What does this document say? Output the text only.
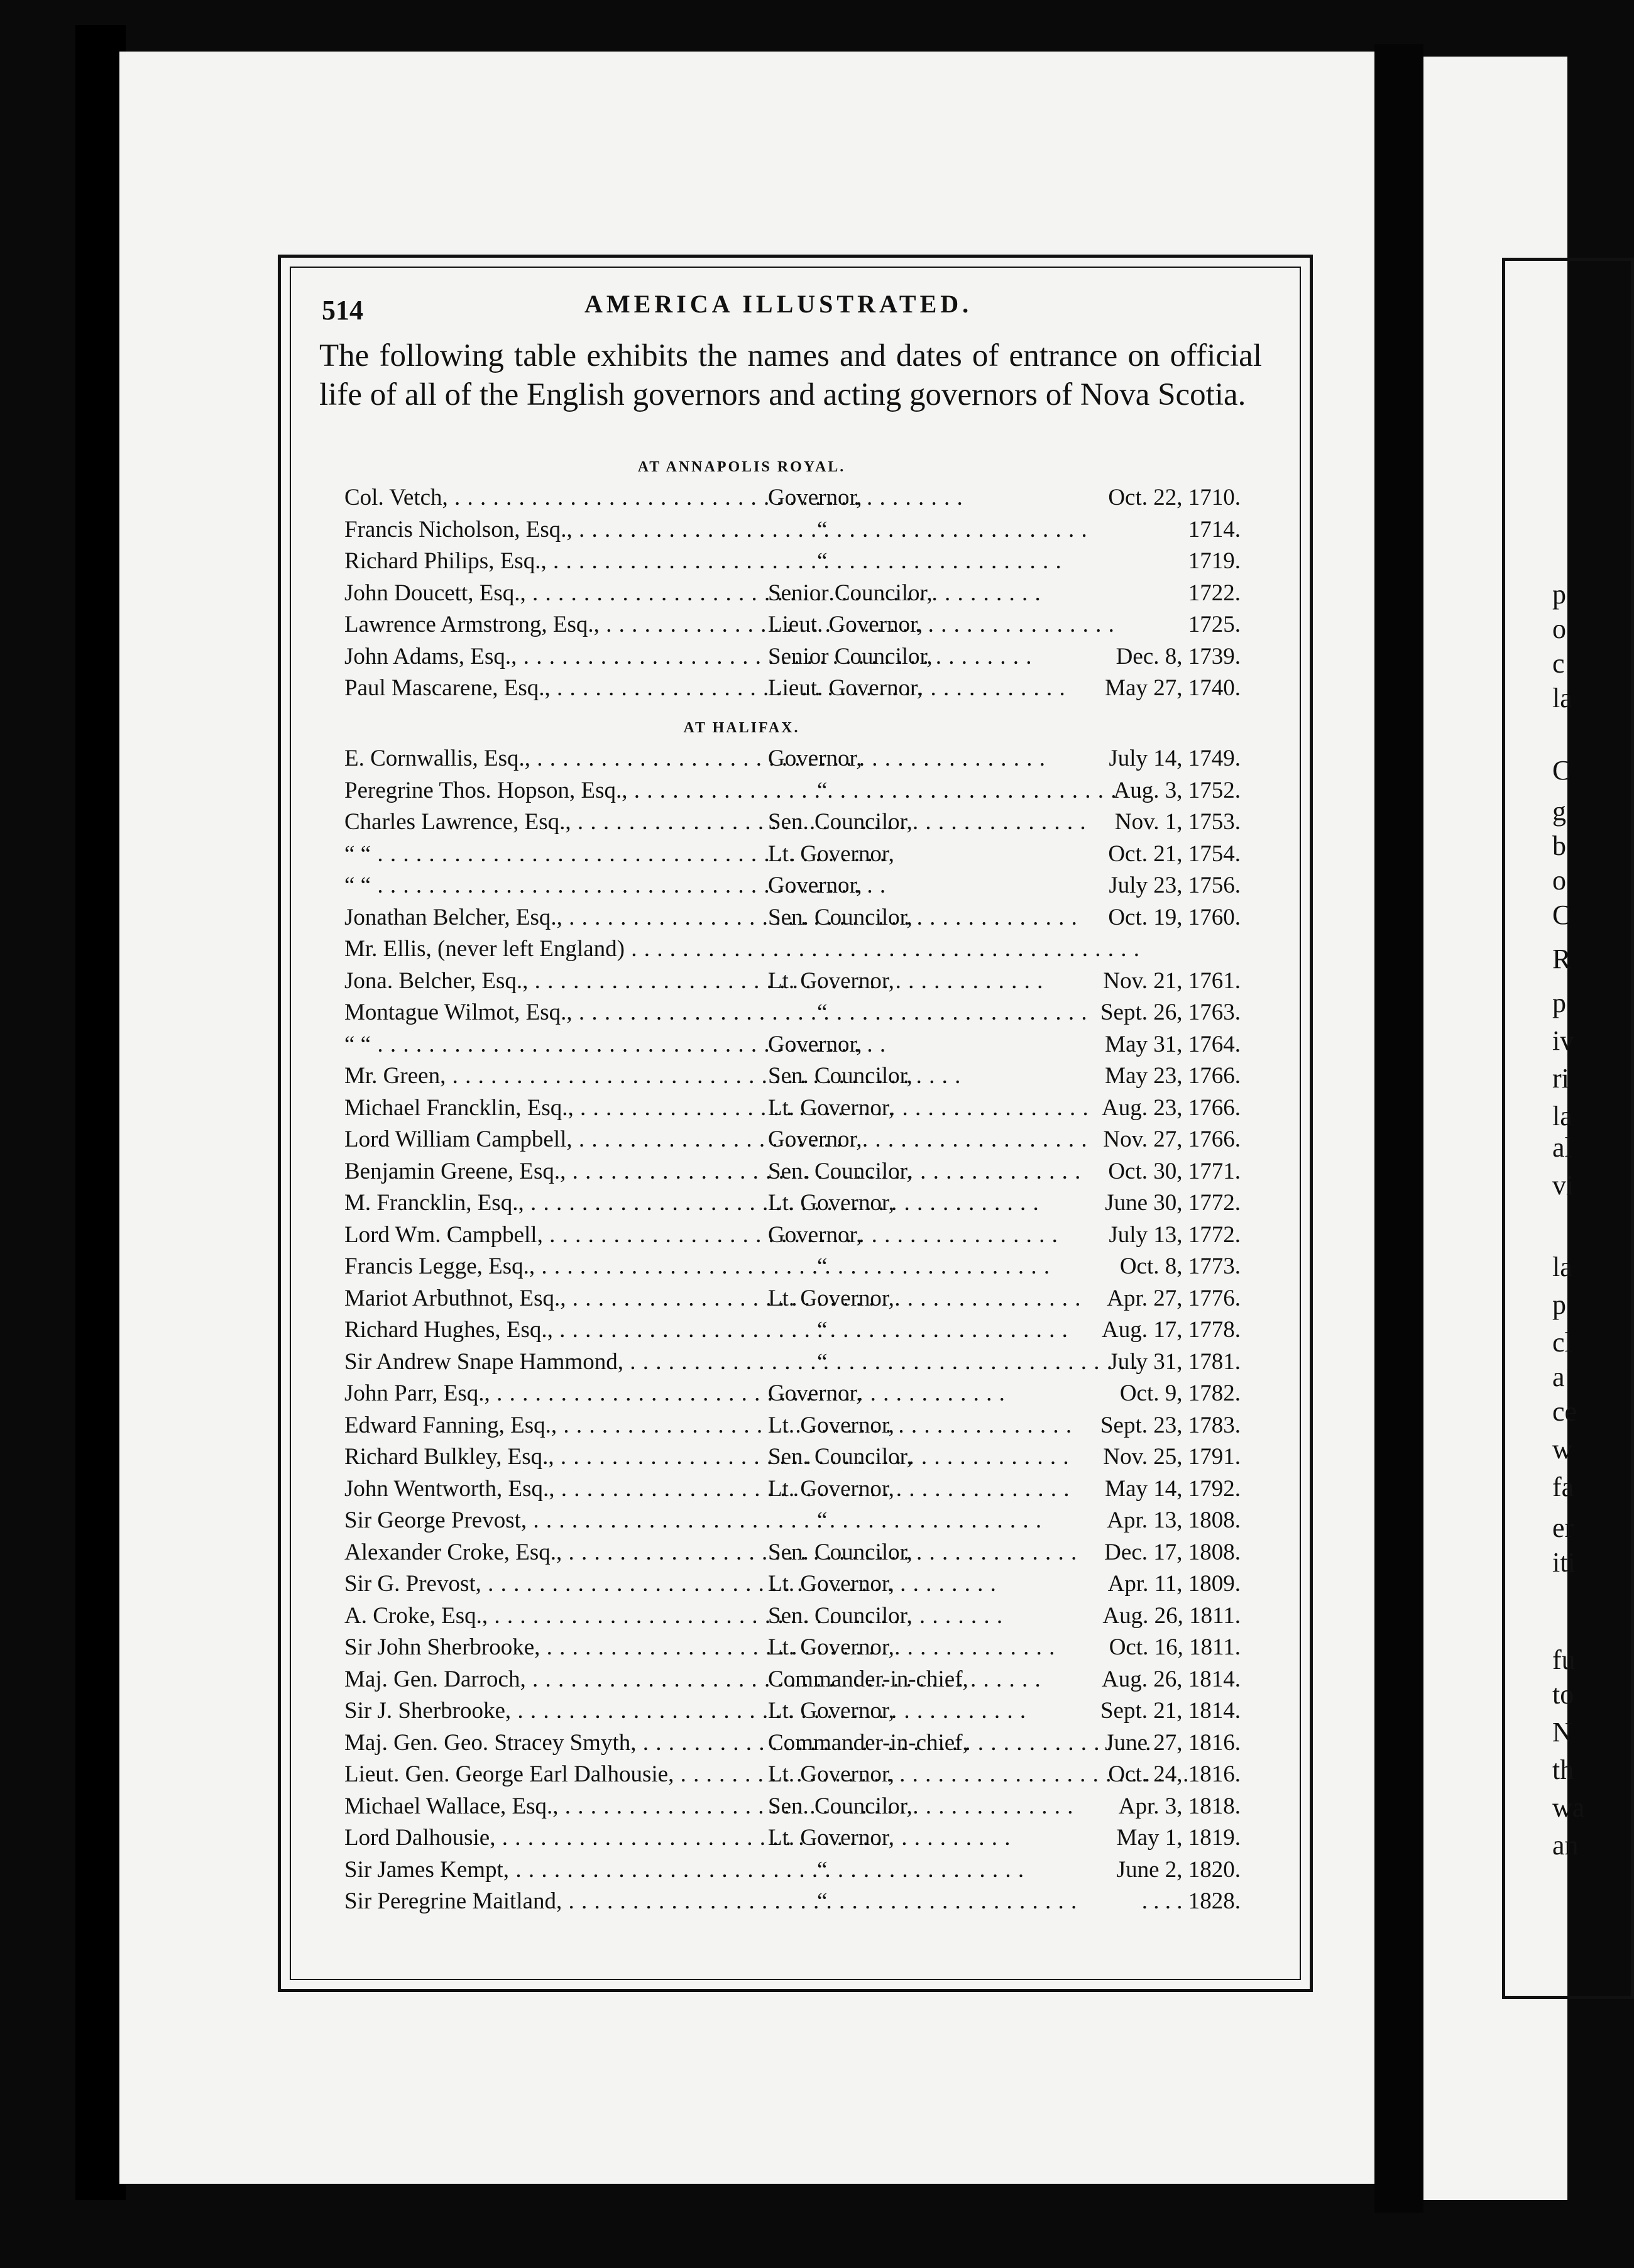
p
o
c
la
C
g
b
o
C
R
p
iv
ri
la
al
vi
la
p
cl
a
ce
w
fa
er
iti
fu
to
N
th
wa
an
514	AMERICA ILLUSTRATED.
The following table exhibits the names and dates of entrance on official life of all of the English governors and acting governors of Nova Scotia.
AT ANNAPOLIS ROYAL.
Col. Vetch, . . .	Governor,	Oct. 22, 1710.
Francis Nicholson, Esq., . . .	“	1714.
Richard Philips, Esq., . . .	“	1719.
John Doucett, Esq., . . .	Senior Councilor,	1722.
Lawrence Armstrong, Esq., . . .	Lieut. Governor,	1725.
John Adams, Esq., . . .	Senior Councilor,	Dec. 8, 1739.
Paul Mascarene, Esq., . . .	Lieut. Governor,	May 27, 1740.
AT HALIFAX.
E. Cornwallis, Esq., . . .	Governor,	July 14, 1749.
Peregrine Thos. Hopson, Esq., . . .	“	Aug. 3, 1752.
Charles Lawrence, Esq., . . .	Sen. Councilor,	Nov. 1, 1753.
“ “ . . .	Lt. Governor,	Oct. 21, 1754.
“ “ . . .	Governor,	July 23, 1756.
Jonathan Belcher, Esq., . . .	Sen. Councilor,	Oct. 19, 1760.
Mr. Ellis, (never left England) . . .
Jona. Belcher, Esq., . . .	Lt. Governor,	Nov. 21, 1761.
Montague Wilmot, Esq., . . .	“	Sept. 26, 1763.
“ “ . . .	Governor,	May 31, 1764.
Mr. Green, . . .	Sen. Councilor,	May 23, 1766.
Michael Francklin, Esq., . . .	Lt. Governor,	Aug. 23, 1766.
Lord William Campbell, . . .	Governor,	Nov. 27, 1766.
Benjamin Greene, Esq., . . .	Sen. Councilor,	Oct. 30, 1771.
M. Francklin, Esq., . . .	Lt. Governor,	June 30, 1772.
Lord Wm. Campbell, . . .	Governor,	July 13, 1772.
Francis Legge, Esq., . . .	“	Oct. 8, 1773.
Mariot Arbuthnot, Esq., . . .	Lt. Governor,	Apr. 27, 1776.
Richard Hughes, Esq., . . .	“	Aug. 17, 1778.
Sir Andrew Snape Hammond, . . .	“	July 31, 1781.
John Parr, Esq., . . .	Governor,	Oct. 9, 1782.
Edward Fanning, Esq., . . .	Lt. Governor,	Sept. 23, 1783.
Richard Bulkley, Esq., . . .	Sen. Councilor,	Nov. 25, 1791.
John Wentworth, Esq., . . .	Lt. Governor,	May 14, 1792.
Sir George Prevost, . . .	“	Apr. 13, 1808.
Alexander Croke, Esq., . . .	Sen. Councilor,	Dec. 17, 1808.
Sir G. Prevost, . . .	Lt. Governor,	Apr. 11, 1809.
A. Croke, Esq., . . .	Sen. Councilor,	Aug. 26, 1811.
Sir John Sherbrooke, . . .	Lt. Governor,	Oct. 16, 1811.
Maj. Gen. Darroch, . . .	Commander-in-chief,	Aug. 26, 1814.
Sir J. Sherbrooke, . . .	Lt. Governor,	Sept. 21, 1814.
Maj. Gen. Geo. Stracey Smyth, . . .	Commander-in-chief,	June 27, 1816.
Lieut. Gen. George Earl Dalhousie, . . .	Lt. Governor,	Oct. 24, 1816.
Michael Wallace, Esq., . . .	Sen. Councilor,	Apr. 3, 1818.
Lord Dalhousie, . . .	Lt. Governor,	May 1, 1819.
Sir James Kempt, . . .	“	June 2, 1820.
Sir Peregrine Maitland, . . .	“	. . . . 1828.
